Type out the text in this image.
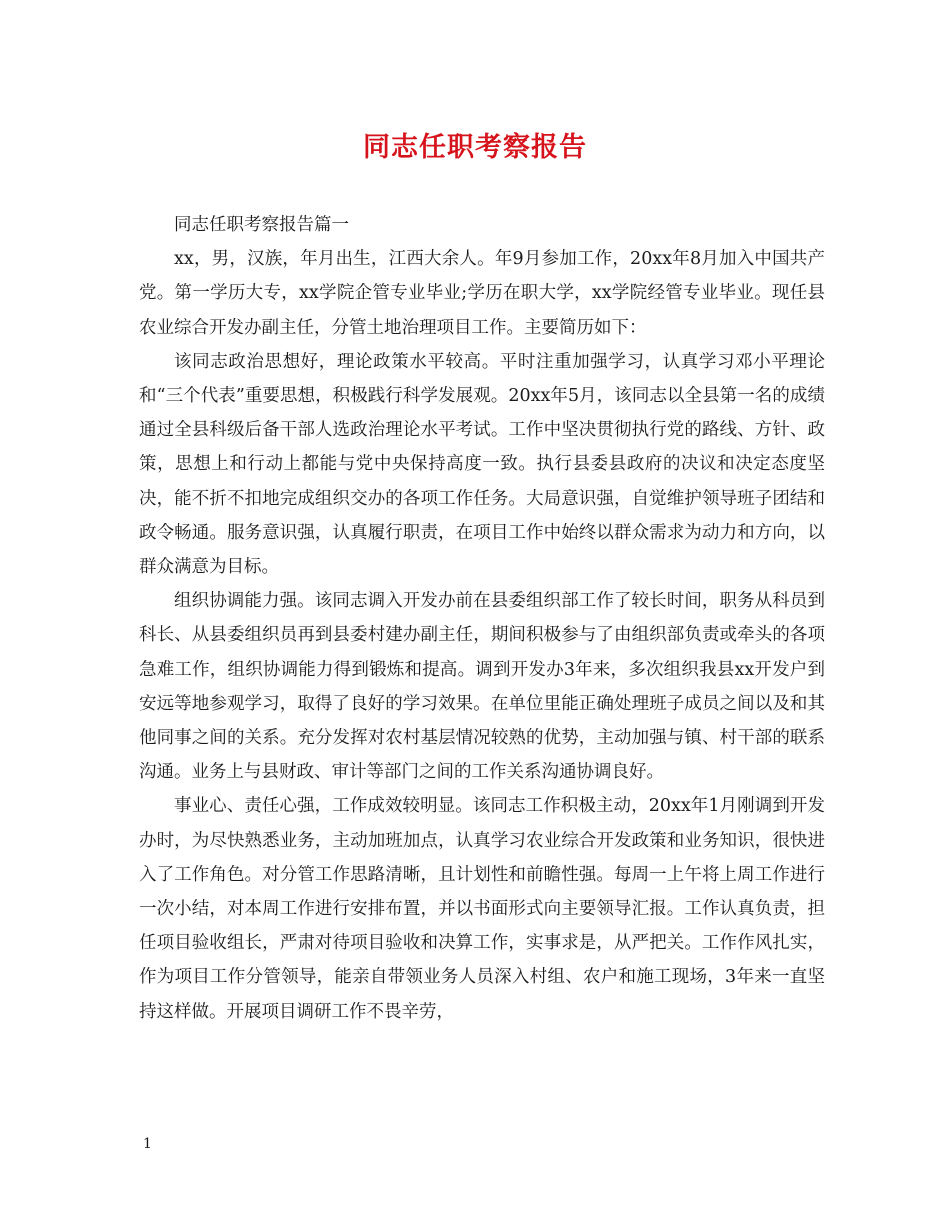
同志任职考察报告

同志任职考察报告篇一

xx，男，汉族，年月出生，江西大余人。年9月参加工作，20xx年8月加入中国共产党。第一学历大专，xx学院企管专业毕业;学历在职大学，xx学院经管专业毕业。现任县农业综合开发办副主任，分管土地治理项目工作。主要简历如下：

该同志政治思想好，理论政策水平较高。平时注重加强学习，认真学习邓小平理论和“三个代表”重要思想，积极践行科学发展观。20xx年5月，该同志以全县第一名的成绩通过全县科级后备干部人选政治理论水平考试。工作中坚决贯彻执行党的路线、方针、政策，思想上和行动上都能与党中央保持高度一致。执行县委县政府的决议和决定态度坚决，能不折不扣地完成组织交办的各项工作任务。大局意识强，自觉维护领导班子团结和政令畅通。服务意识强，认真履行职责，在项目工作中始终以群众需求为动力和方向，以群众满意为目标。

组织协调能力强。该同志调入开发办前在县委组织部工作了较长时间，职务从科员到科长、从县委组织员再到县委村建办副主任，期间积极参与了由组织部负责或牵头的各项急难工作，组织协调能力得到锻炼和提高。调到开发办3年来，多次组织我县xx开发户到安远等地参观学习，取得了良好的学习效果。在单位里能正确处理班子成员之间以及和其他同事之间的关系。充分发挥对农村基层情况较熟的优势，主动加强与镇、村干部的联系沟通。业务上与县财政、审计等部门之间的工作关系沟通协调良好。

事业心、责任心强，工作成效较明显。该同志工作积极主动，20xx年1月刚调到开发办时，为尽快熟悉业务，主动加班加点，认真学习农业综合开发政策和业务知识，很快进入了工作角色。对分管工作思路清晰，且计划性和前瞻性强。每周一上午将上周工作进行一次小结，对本周工作进行安排布置，并以书面形式向主要领导汇报。工作认真负责，担任项目验收组长，严肃对待项目验收和决算工作，实事求是，从严把关。工作作风扎实，作为项目工作分管领导，能亲自带领业务人员深入村组、农户和施工现场，3年来一直坚持这样做。开展项目调研工作不畏辛劳，

1
